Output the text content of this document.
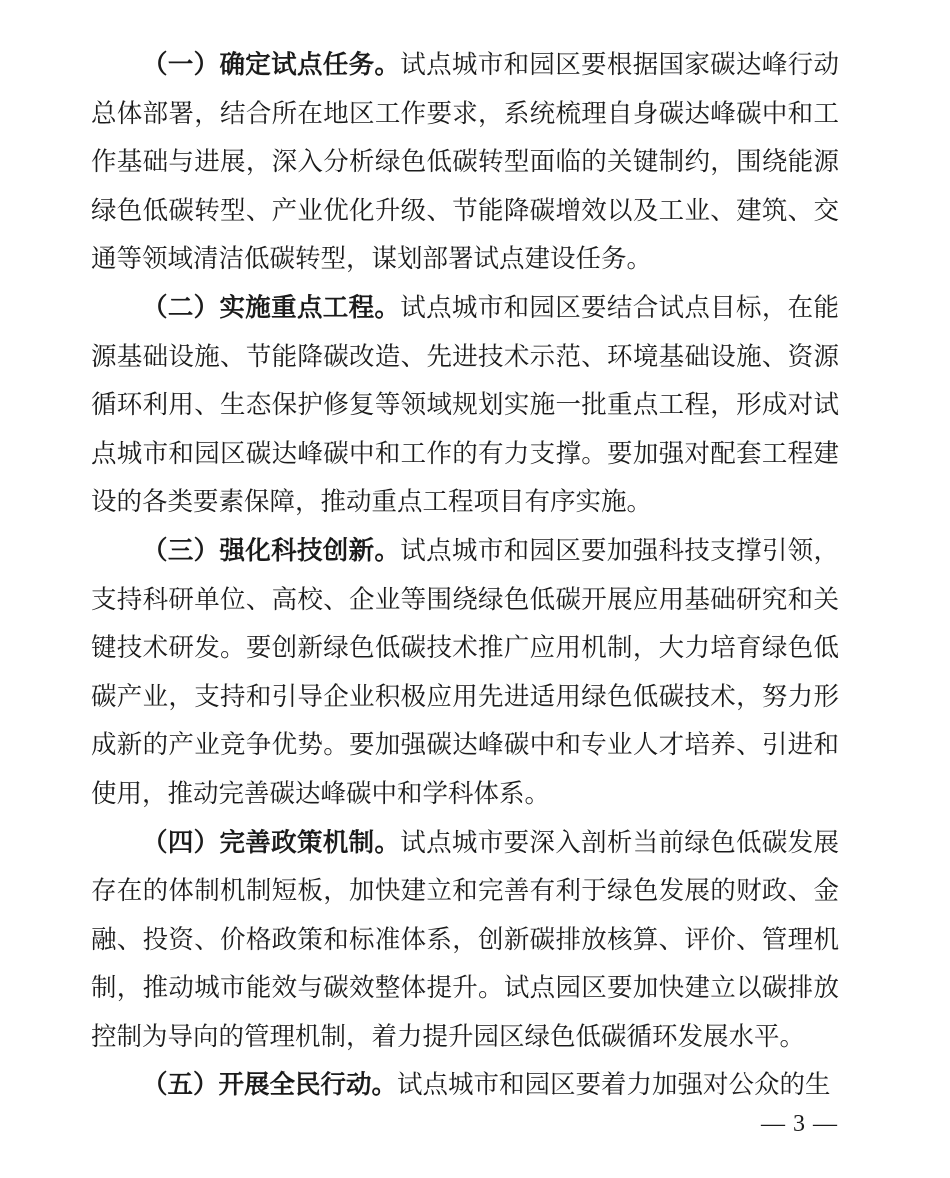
（一）确定试点任务。试点城市和园区要根据国家碳达峰行动总体部署，结合所在地区工作要求，系统梳理自身碳达峰碳中和工作基础与进展，深入分析绿色低碳转型面临的关键制约，围绕能源绿色低碳转型、产业优化升级、节能降碳增效以及工业、建筑、交通等领域清洁低碳转型，谋划部署试点建设任务。

（二）实施重点工程。试点城市和园区要结合试点目标，在能源基础设施、节能降碳改造、先进技术示范、环境基础设施、资源循环利用、生态保护修复等领域规划实施一批重点工程，形成对试点城市和园区碳达峰碳中和工作的有力支撑。要加强对配套工程建设的各类要素保障，推动重点工程项目有序实施。

（三）强化科技创新。试点城市和园区要加强科技支撑引领，支持科研单位、高校、企业等围绕绿色低碳开展应用基础研究和关键技术研发。要创新绿色低碳技术推广应用机制，大力培育绿色低碳产业，支持和引导企业积极应用先进适用绿色低碳技术，努力形成新的产业竞争优势。要加强碳达峰碳中和专业人才培养、引进和使用，推动完善碳达峰碳中和学科体系。

（四）完善政策机制。试点城市要深入剖析当前绿色低碳发展存在的体制机制短板，加快建立和完善有利于绿色发展的财政、金融、投资、价格政策和标准体系，创新碳排放核算、评价、管理机制，推动城市能效与碳效整体提升。试点园区要加快建立以碳排放控制为导向的管理机制，着力提升园区绿色低碳循环发展水平。

（五）开展全民行动。试点城市和园区要着力加强对公众的生

— 3 —
